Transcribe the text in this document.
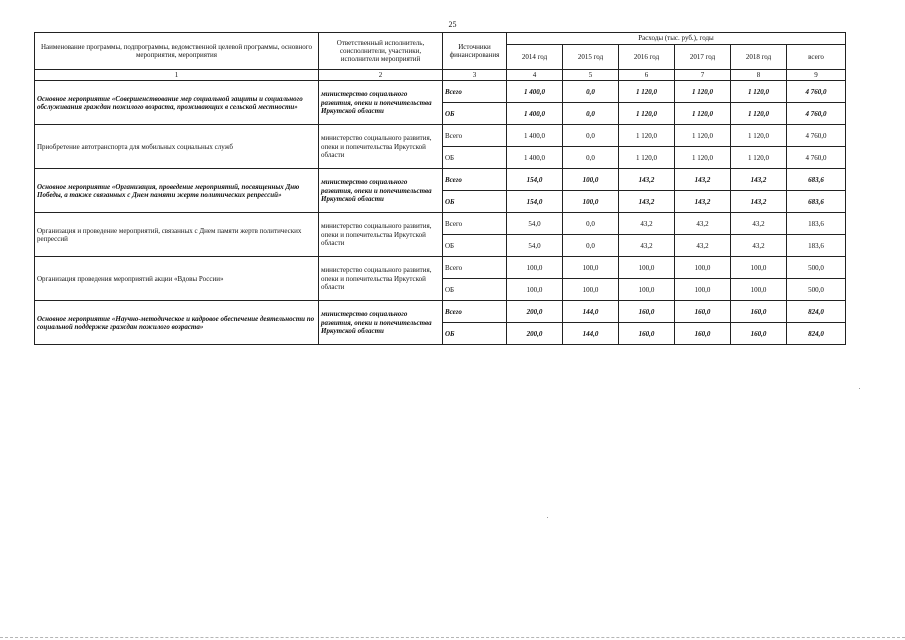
25
Наименование программы, подпрограммы, ведомственной целевой программы, основного мероприятия, мероприятия	Ответственный исполнитель, соисполнители, участники, исполнители мероприятий	Источники финансирования	Расходы (тыс. руб.), годы					
			2014 год	2015 год	2016 год	2017 год	2018 год	всего
1	2	3	4	5	6	7	8	9
Основное мероприятие «Совершенствование мер социальной защиты и социального обслуживания граждан пожилого возраста, проживающих в сельской местности»	министерство социального развития, опеки и попечительства Иркутской области	Всего	1 400,0	0,0	1 120,0	1 120,0	1 120,0	4 760,0
		ОБ	1 400,0	0,0	1 120,0	1 120,0	1 120,0	4 760,0
Приобретение автотранспорта для мобильных социальных служб	министерство социального развития, опеки и попечительства Иркутской области	Всего	1 400,0	0,0	1 120,0	1 120,0	1 120,0	4 760,0
		ОБ	1 400,0	0,0	1 120,0	1 120,0	1 120,0	4 760,0
Основное мероприятие «Организация, проведение мероприятий, посвященных Дню Победы, а также связанных с Днем памяти жертв политических репрессий»	министерство социального развития, опеки и попечительства Иркутской области	Всего	154,0	100,0	143,2	143,2	143,2	683,6
		ОБ	154,0	100,0	143,2	143,2	143,2	683,6
Организация и проведение мероприятий, связанных с Днем памяти жертв политических репрессий	министерство социального развития, опеки и попечительства Иркутской области	Всего	54,0	0,0	43,2	43,2	43,2	183,6
		ОБ	54,0	0,0	43,2	43,2	43,2	183,6
Организация проведения мероприятий акции «Вдовы России»	министерство социального развития, опеки и попечительства Иркутской области	Всего	100,0	100,0	100,0	100,0	100,0	500,0
		ОБ	100,0	100,0	100,0	100,0	100,0	500,0
Основное мероприятие «Научно-методическое и кадровое обеспечение деятельности по социальной поддержке граждан пожилого возраста»	министерство социального развития, опеки и попечительства Иркутской области	Всего	200,0	144,0	160,0	160,0	160,0	824,0
		ОБ	200,0	144,0	160,0	160,0	160,0	824,0
